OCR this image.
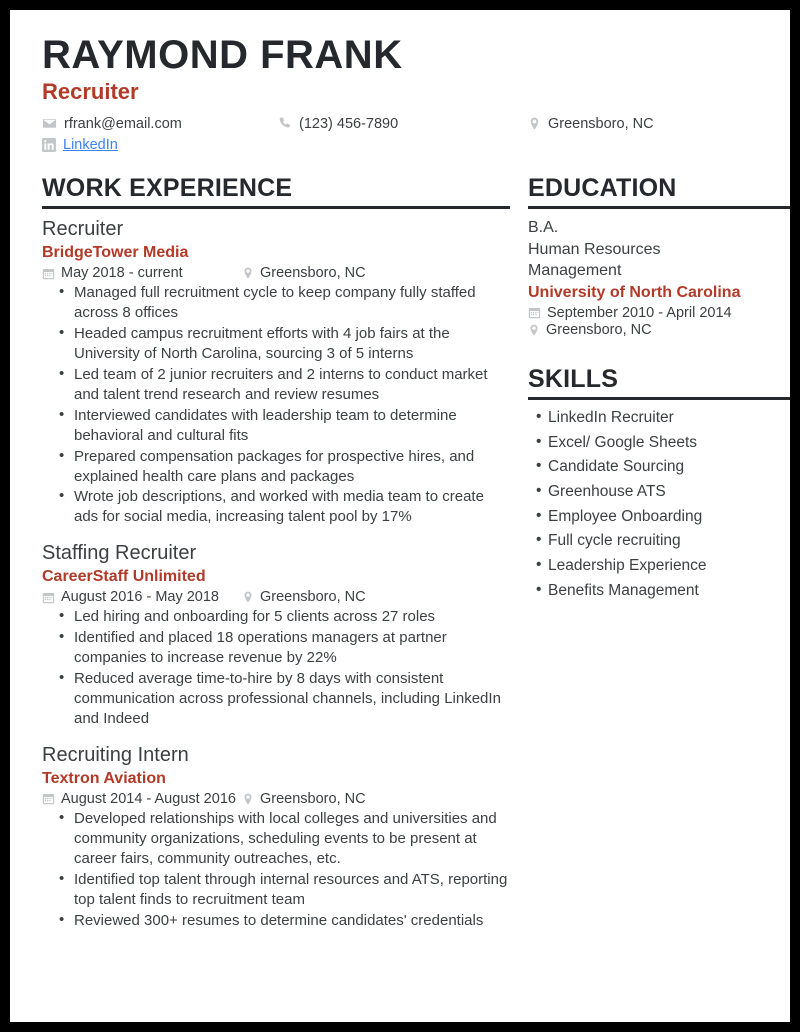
RAYMOND FRANK
Recruiter
rfrank@email.com	(123) 456-7890	Greensboro, NC
LinkedIn
WORK EXPERIENCE
Recruiter
BridgeTower Media
May 2018 - current	Greensboro, NC
• Managed full recruitment cycle to keep company fully staffed across 8 offices
• Headed campus recruitment efforts with 4 job fairs at the University of North Carolina, sourcing 3 of 5 interns
• Led team of 2 junior recruiters and 2 interns to conduct market and talent trend research and review resumes
• Interviewed candidates with leadership team to determine behavioral and cultural fits
• Prepared compensation packages for prospective hires, and explained health care plans and packages
• Wrote job descriptions, and worked with media team to create ads for social media, increasing talent pool by 17%
Staffing Recruiter
CareerStaff Unlimited
August 2016 - May 2018	Greensboro, NC
• Led hiring and onboarding for 5 clients across 27 roles
• Identified and placed 18 operations managers at partner companies to increase revenue by 22%
• Reduced average time-to-hire by 8 days with consistent communication across professional channels, including LinkedIn and Indeed
Recruiting Intern
Textron Aviation
August 2014 - August 2016 Greensboro, NC
• Developed relationships with local colleges and universities and community organizations, scheduling events to be present at career fairs, community outreaches, etc.
• Identified top talent through internal resources and ATS, reporting top talent finds to recruitment team
• Reviewed 300+ resumes to determine candidates' credentials
EDUCATION
B.A.
Human Resources
Management
University of North Carolina
September 2010 - April 2014
Greensboro, NC
SKILLS
• LinkedIn Recruiter
• Excel/ Google Sheets
• Candidate Sourcing
• Greenhouse ATS
• Employee Onboarding
• Full cycle recruiting
• Leadership Experience
• Benefits Management
